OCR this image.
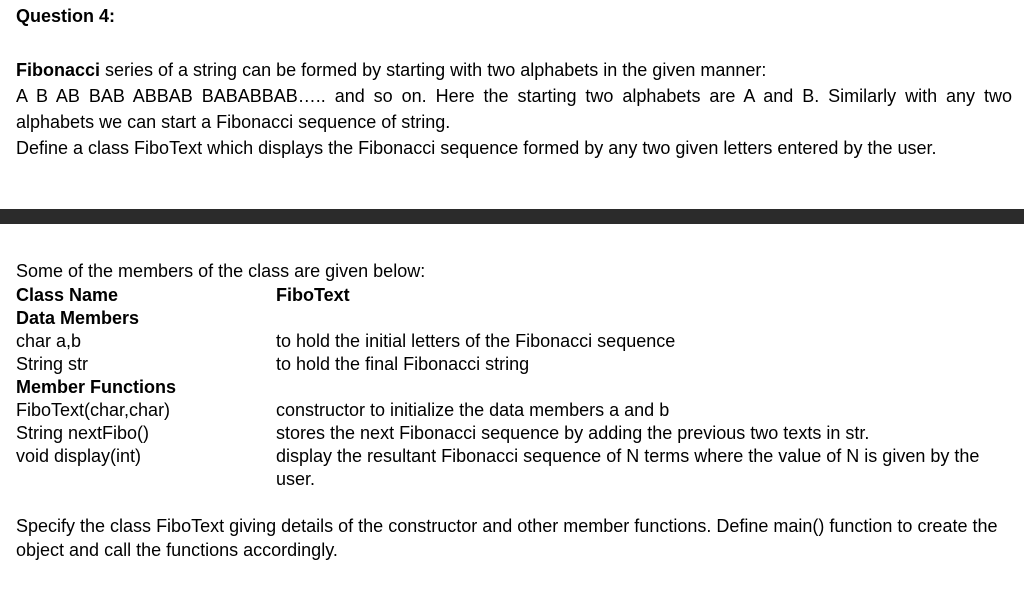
Question 4:

Fibonacci series of a string can be formed by starting with two alphabets in the given manner:

A B AB BAB ABBAB BABABBAB….. and so on. Here the starting two alphabets are A and B. Similarly with any two alphabets we can start a Fibonacci sequence of string.

Define a class FiboText which displays the Fibonacci sequence formed by any two given letters entered by the user.

Some of the members of the class are given below:
Class Name	FiboText
Data Members	
char a,b	to hold the initial letters of the Fibonacci sequence
String str	to hold the final Fibonacci string
Member Functions	
FiboText(char,char)	constructor to initialize the data members a and b
String nextFibo()	stores the next Fibonacci sequence by adding the previous two texts in str.
void display(int)	display the resultant Fibonacci sequence of N terms where the value of N is given by the user.

Specify the class FiboText giving details of the constructor and other member functions. Define main() function to create the object and call the functions accordingly.
